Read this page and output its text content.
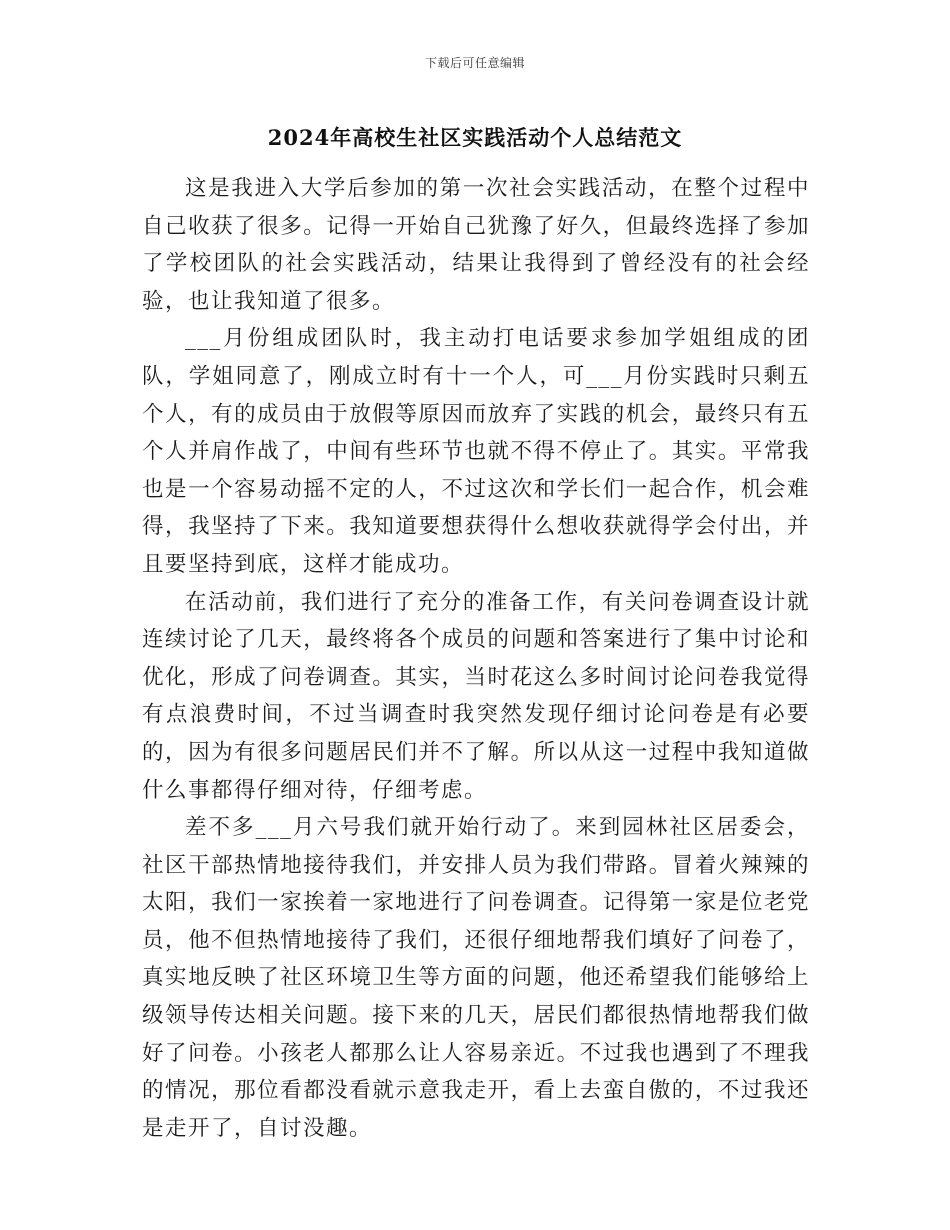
下载后可任意编辑
2024年高校生社区实践活动个人总结范文

这是我进入大学后参加的第一次社会实践活动，在整个过程中自己收获了很多。记得一开始自己犹豫了好久，但最终选择了参加了学校团队的社会实践活动，结果让我得到了曾经没有的社会经验，也让我知道了很多。

___月份组成团队时，我主动打电话要求参加学姐组成的团队，学姐同意了，刚成立时有十一个人，可___月份实践时只剩五个人，有的成员由于放假等原因而放弃了实践的机会，最终只有五个人并肩作战了，中间有些环节也就不得不停止了。其实。平常我也是一个容易动摇不定的人，不过这次和学长们一起合作，机会难得，我坚持了下来。我知道要想获得什么想收获就得学会付出，并且要坚持到底，这样才能成功。

在活动前，我们进行了充分的准备工作，有关问卷调查设计就连续讨论了几天，最终将各个成员的问题和答案进行了集中讨论和优化，形成了问卷调查。其实，当时花这么多时间讨论问卷我觉得有点浪费时间，不过当调查时我突然发现仔细讨论问卷是有必要的，因为有很多问题居民们并不了解。所以从这一过程中我知道做什么事都得仔细对待，仔细考虑。

差不多___月六号我们就开始行动了。来到园林社区居委会，社区干部热情地接待我们，并安排人员为我们带路。冒着火辣辣的太阳，我们一家挨着一家地进行了问卷调查。记得第一家是位老党员，他不但热情地接待了我们，还很仔细地帮我们填好了问卷了，真实地反映了社区环境卫生等方面的问题，他还希望我们能够给上级领导传达相关问题。接下来的几天，居民们都很热情地帮我们做好了问卷。小孩老人都那么让人容易亲近。不过我也遇到了不理我的情况，那位看都没看就示意我走开，看上去蛮自傲的，不过我还是走开了，自讨没趣。
